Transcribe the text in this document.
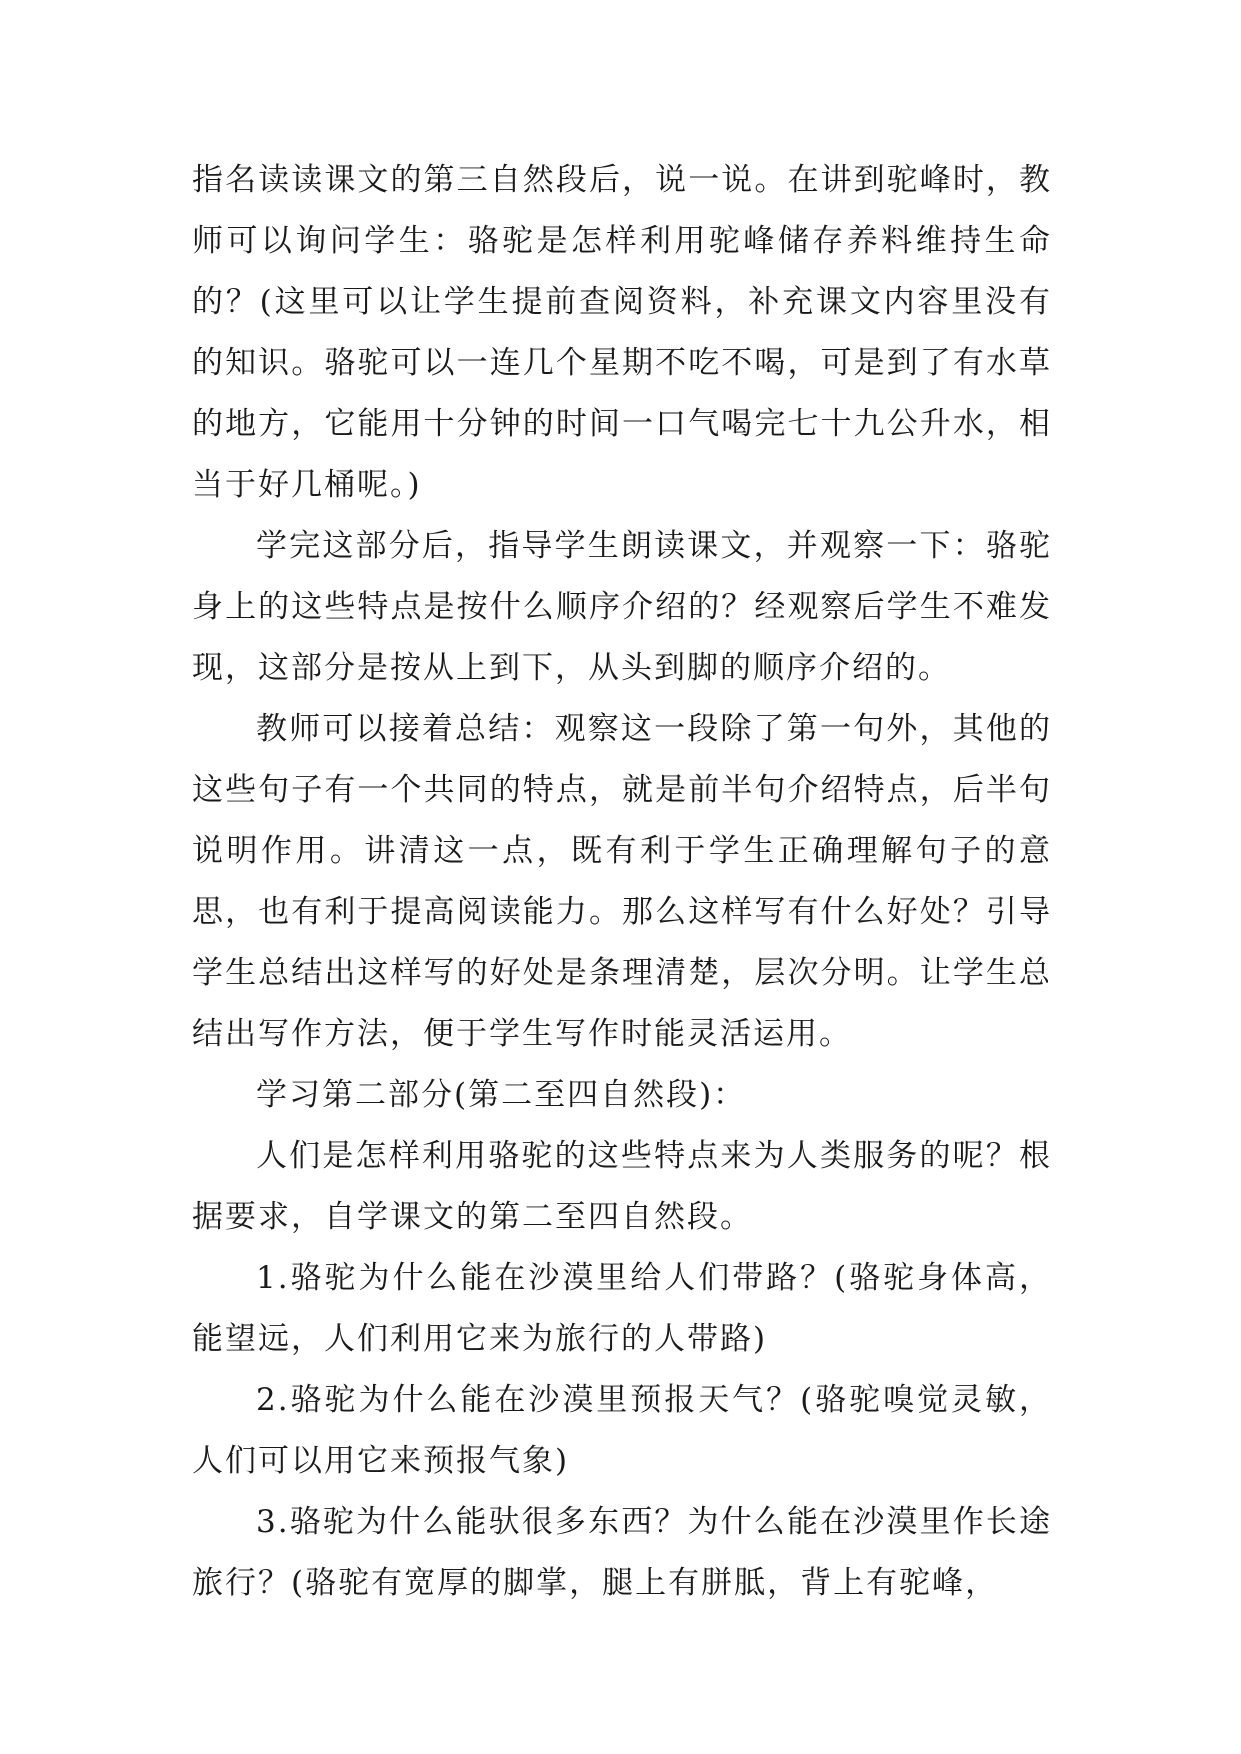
指名读读课文的第三自然段后，说一说。在讲到驼峰时，教师可以询问学生：骆驼是怎样利用驼峰储存养料维持生命的？(这里可以让学生提前查阅资料，补充课文内容里没有的知识。骆驼可以一连几个星期不吃不喝，可是到了有水草的地方，它能用十分钟的时间一口气喝完七十九公升水，相当于好几桶呢。)

学完这部分后，指导学生朗读课文，并观察一下：骆驼身上的这些特点是按什么顺序介绍的？经观察后学生不难发现，这部分是按从上到下，从头到脚的顺序介绍的。

教师可以接着总结：观察这一段除了第一句外，其他的这些句子有一个共同的特点，就是前半句介绍特点，后半句说明作用。讲清这一点，既有利于学生正确理解句子的意思，也有利于提高阅读能力。那么这样写有什么好处？引导学生总结出这样写的好处是条理清楚，层次分明。让学生总结出写作方法，便于学生写作时能灵活运用。

学习第二部分(第二至四自然段)：

人们是怎样利用骆驼的这些特点来为人类服务的呢？根据要求，自学课文的第二至四自然段。

1.骆驼为什么能在沙漠里给人们带路？(骆驼身体高，能望远，人们利用它来为旅行的人带路)

2.骆驼为什么能在沙漠里预报天气？(骆驼嗅觉灵敏，人们可以用它来预报气象)

3.骆驼为什么能驮很多东西？为什么能在沙漠里作长途旅行？(骆驼有宽厚的脚掌，腿上有胼胝，背上有驼峰，
